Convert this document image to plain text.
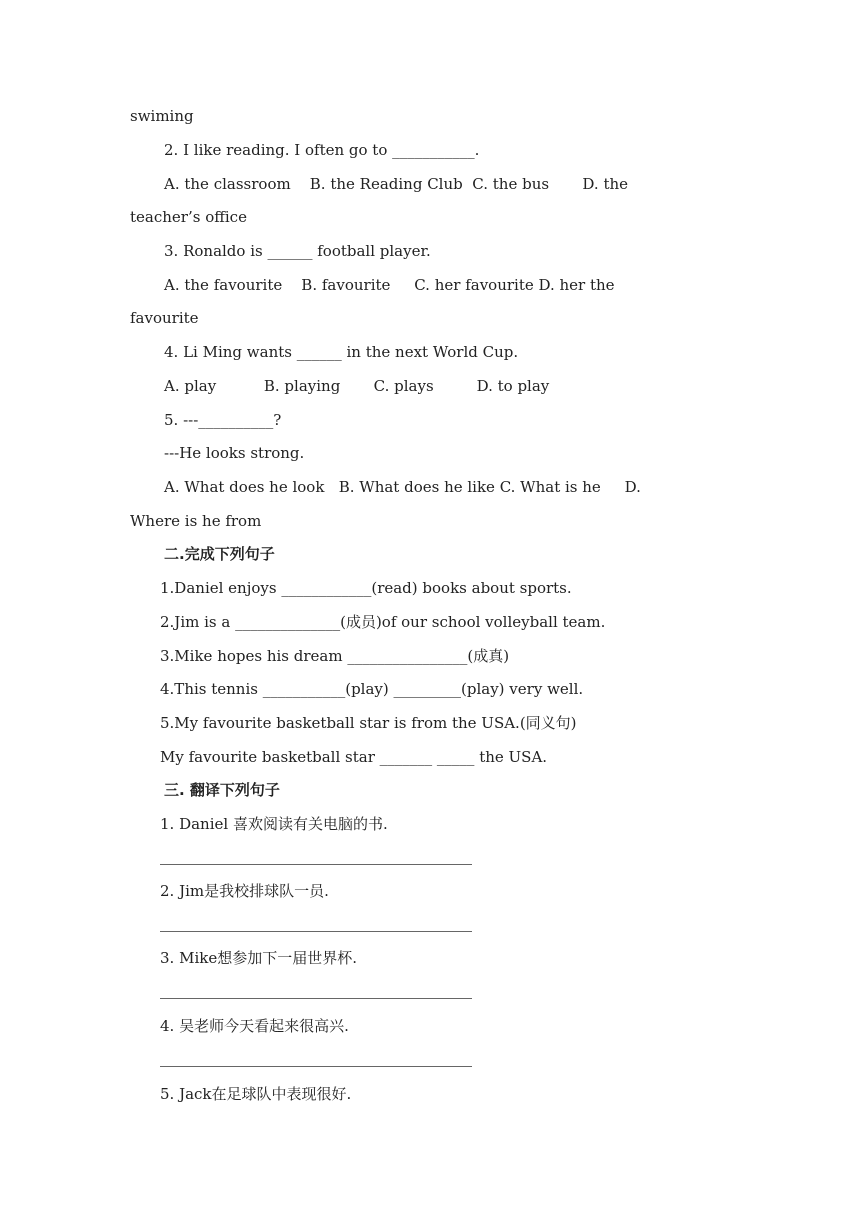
swiming
2. I like reading. I often go to ___________.
A. the classroom    B. the Reading Club  C. the bus       D. the
teacher’s office
3. Ronaldo is ______ football player.
A. the favourite    B. favourite     C. her favourite D. her the
favourite
4. Li Ming wants ______ in the next World Cup.
A. play          B. playing       C. plays         D. to play
5. ---__________?
---He looks strong.
A. What does he look   B. What does he like C. What is he     D.
Where is he from
二.完成下列句子
1.Daniel enjoys ____________(read) books about sports.
2.Jim is a ______________(成员)of our school volleyball team.
3.Mike hopes his dream ________________(成真)
4.This tennis ___________(play) _________(play) very well.
5.My favourite basketball star is from the USA.(同义句)
My favourite basketball star _______ _____ the USA.
三. 翻译下列句子
1. Daniel 喜欢阅读有关电脑的书.
2. Jim是我校排球队一员.
3. Mike想参加下一届世界杯.
4. 吴老师今天看起来很高兴.
5. Jack在足球队中表现很好.
